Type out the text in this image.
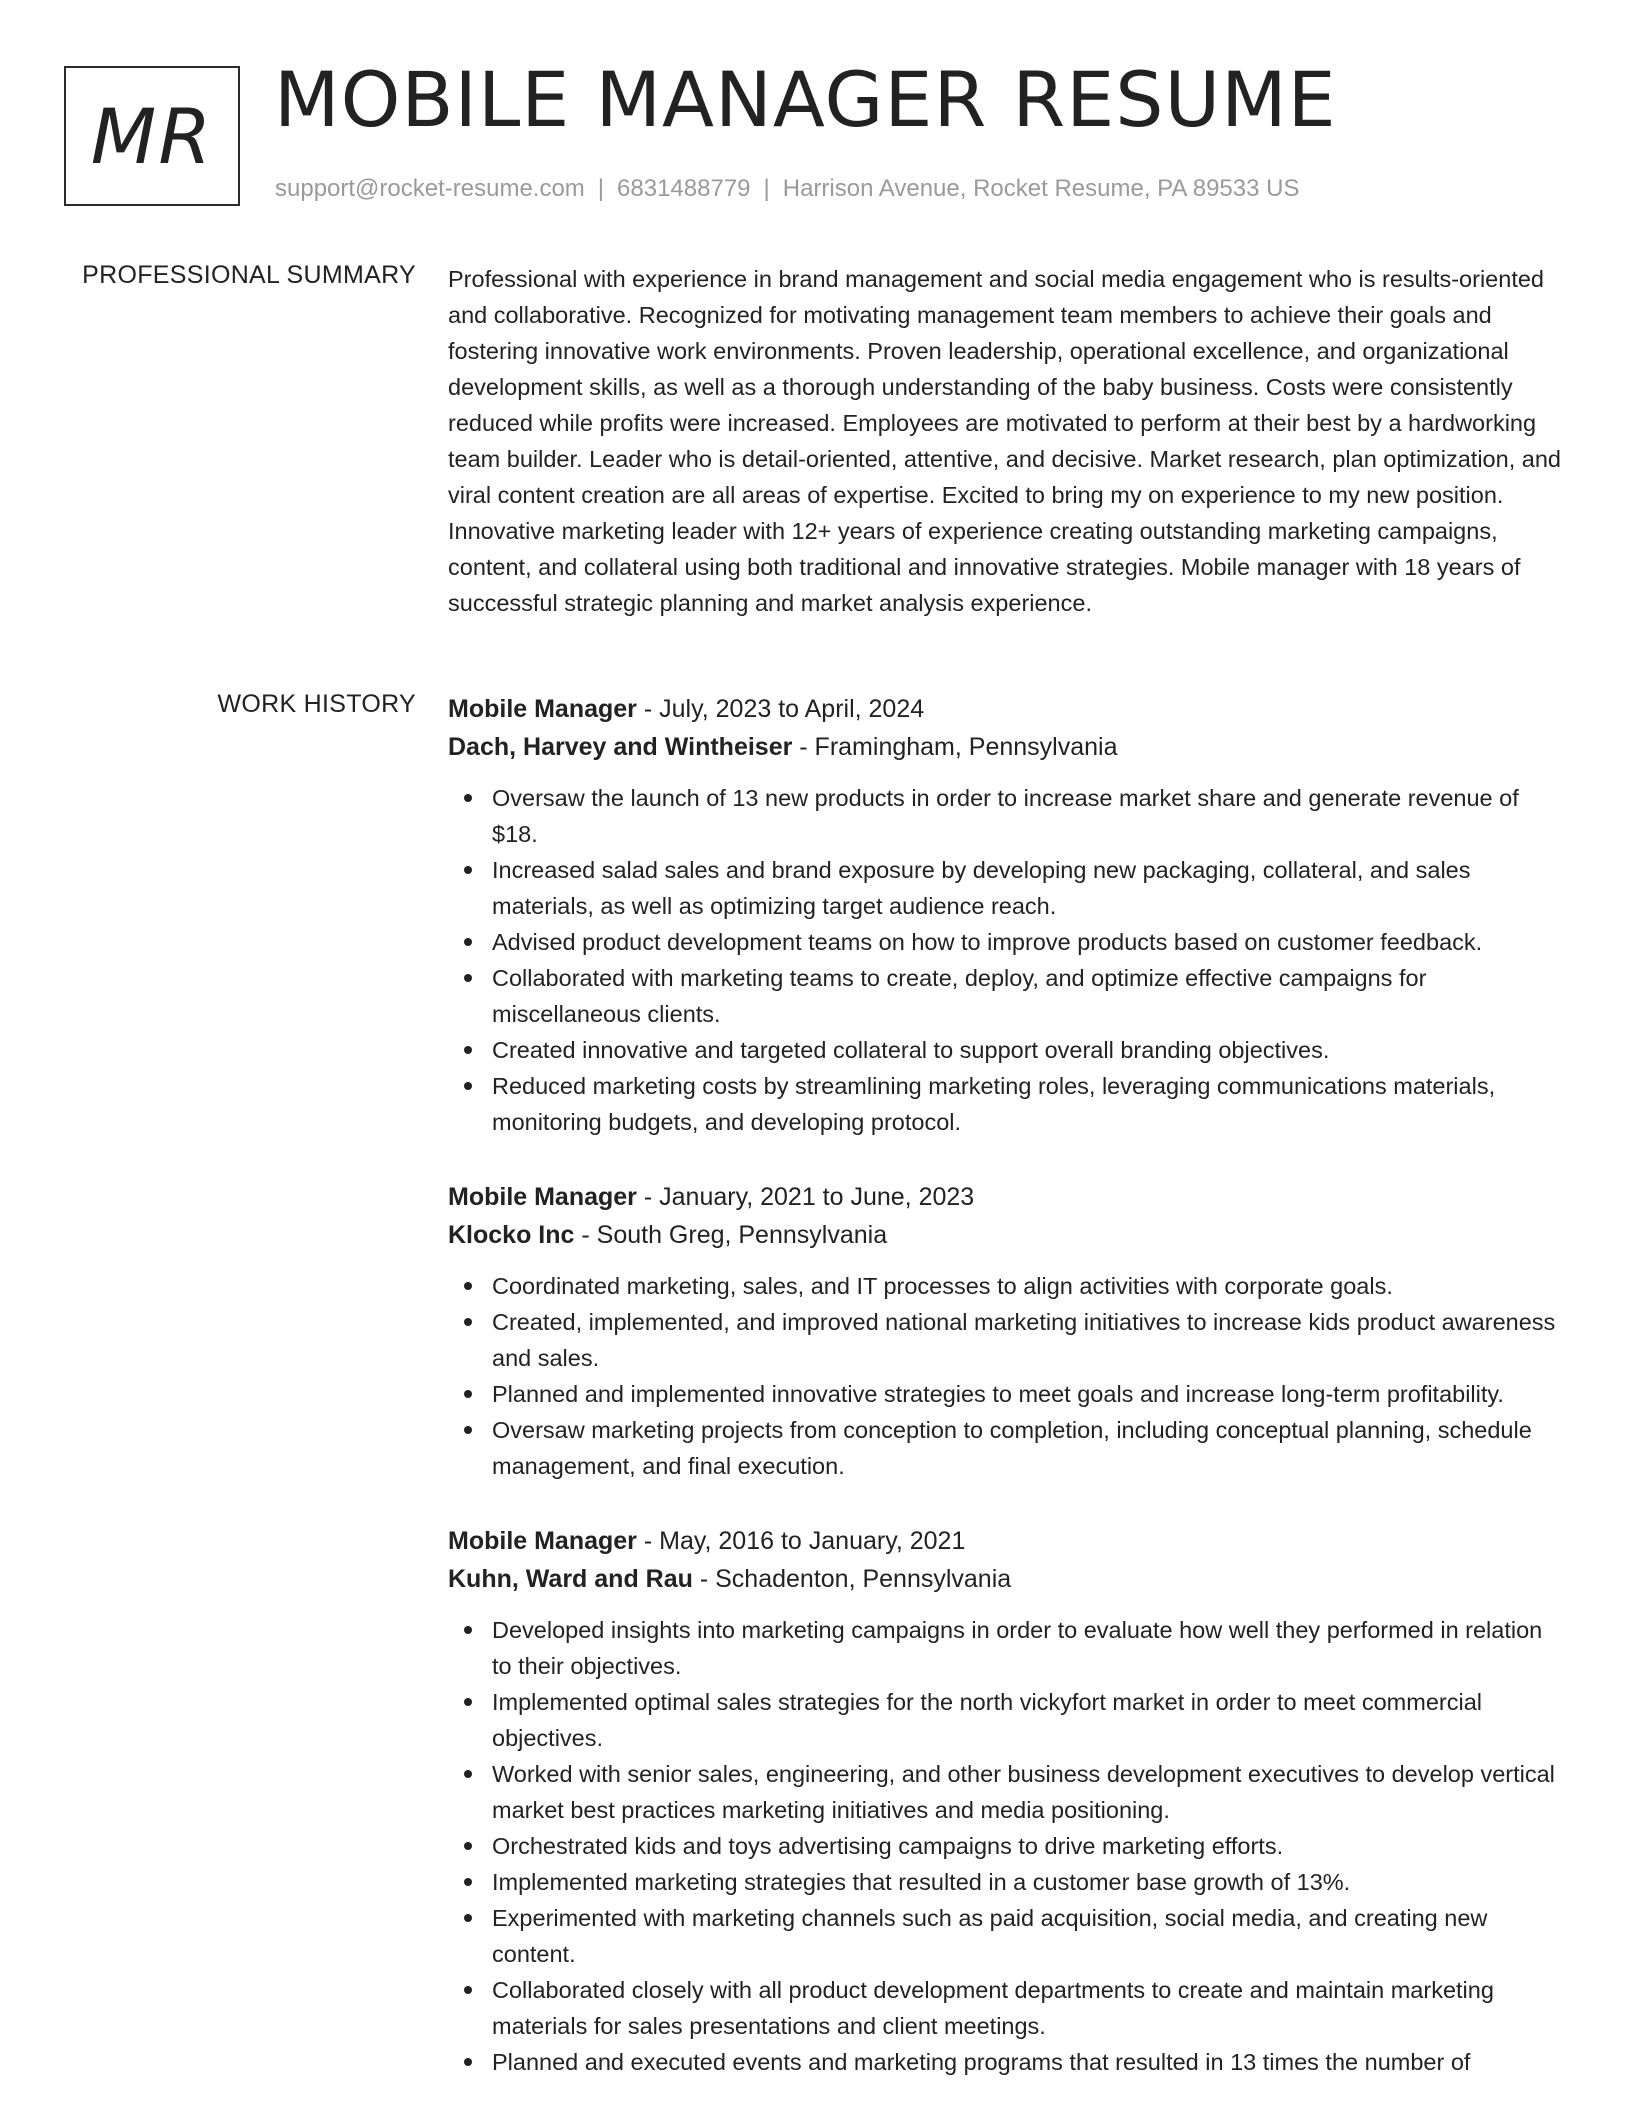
MR MOBILE MANAGER RESUME
support@rocket-resume.com | 6831488779 | Harrison Avenue, Rocket Resume, PA 89533 US
PROFESSIONAL SUMMARY Professional with experience in brand management and social media engagement who is results-oriented and collaborative. Recognized for motivating management team members to achieve their goals and fostering innovative work environments. Proven leadership, operational excellence, and organizational development skills, as well as a thorough understanding of the baby business. Costs were consistently reduced while profits were increased. Employees are motivated to perform at their best by a hardworking team builder. Leader who is detail-oriented, attentive, and decisive. Market research, plan optimization, and viral content creation are all areas of expertise. Excited to bring my on experience to my new position. Innovative marketing leader with 12+ years of experience creating outstanding marketing campaigns, content, and collateral using both traditional and innovative strategies. Mobile manager with 18 years of successful strategic planning and market analysis experience.

WORK HISTORY Mobile Manager - July, 2023 to April, 2024
Dach, Harvey and Wintheiser - Framingham, Pennsylvania
Oversaw the launch of 13 new products in order to increase market share and generate revenue of $18.
Increased salad sales and brand exposure by developing new packaging, collateral, and sales materials, as well as optimizing target audience reach.
Advised product development teams on how to improve products based on customer feedback.
Collaborated with marketing teams to create, deploy, and optimize effective campaigns for miscellaneous clients.
Created innovative and targeted collateral to support overall branding objectives.
Reduced marketing costs by streamlining marketing roles, leveraging communications materials, monitoring budgets, and developing protocol.
Mobile Manager - January, 2021 to June, 2023
Klocko Inc - South Greg, Pennsylvania
Coordinated marketing, sales, and IT processes to align activities with corporate goals.
Created, implemented, and improved national marketing initiatives to increase kids product awareness and sales.
Planned and implemented innovative strategies to meet goals and increase long-term profitability.
Oversaw marketing projects from conception to completion, including conceptual planning, schedule management, and final execution.
Mobile Manager - May, 2016 to January, 2021
Kuhn, Ward and Rau - Schadenton, Pennsylvania
Developed insights into marketing campaigns in order to evaluate how well they performed in relation to their objectives.
Implemented optimal sales strategies for the north vickyfort market in order to meet commercial objectives.
Worked with senior sales, engineering, and other business development executives to develop vertical market best practices marketing initiatives and media positioning.
Orchestrated kids and toys advertising campaigns to drive marketing efforts.
Implemented marketing strategies that resulted in a customer base growth of 13%.
Experimented with marketing channels such as paid acquisition, social media, and creating new content.
Collaborated closely with all product development departments to create and maintain marketing materials for sales presentations and client meetings.
Planned and executed events and marketing programs that resulted in 13 times the number of
